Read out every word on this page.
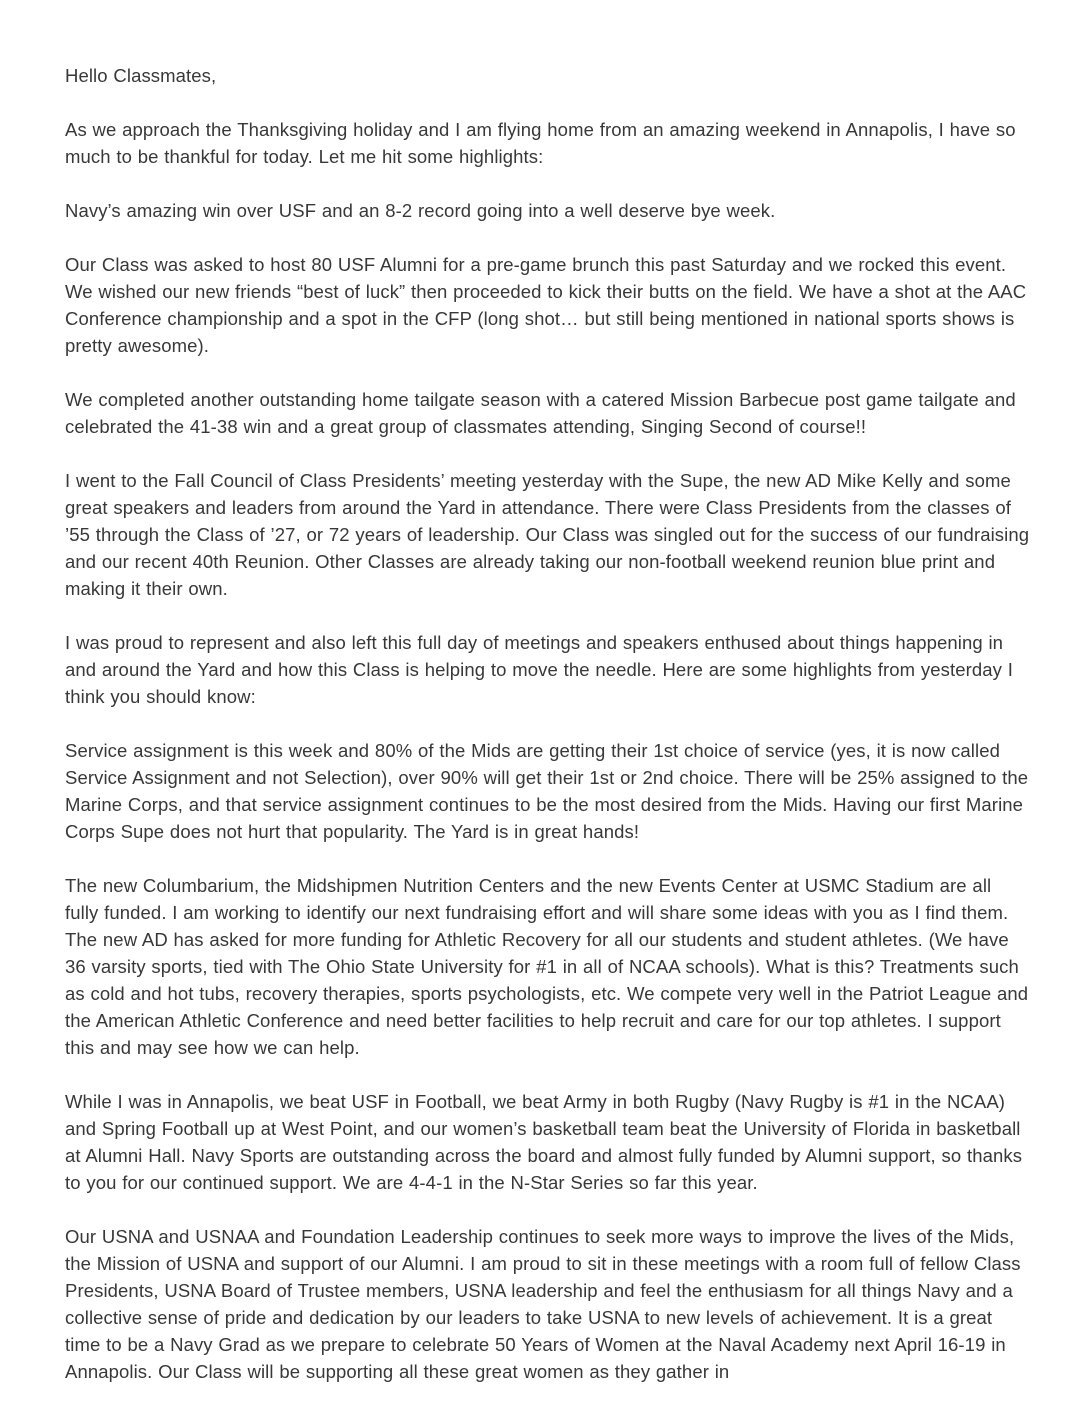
Hello Classmates,

As we approach the Thanksgiving holiday and I am flying home from an amazing weekend in Annapolis, I have so much to be thankful for today. Let me hit some highlights:

Navy’s amazing win over USF and an 8-2 record going into a well deserve bye week.

Our Class was asked to host 80 USF Alumni for a pre-game brunch this past Saturday and we rocked this event. We wished our new friends “best of luck” then proceeded to kick their butts on the field. We have a shot at the AAC Conference championship and a spot in the CFP (long shot… but still being mentioned in national sports shows is pretty awesome).

We completed another outstanding home tailgate season with a catered Mission Barbecue post game tailgate and celebrated the 41-38 win and a great group of classmates attending, Singing Second of course!!

I went to the Fall Council of Class Presidents’ meeting yesterday with the Supe, the new AD Mike Kelly and some great speakers and leaders from around the Yard in attendance. There were Class Presidents from the classes of ’55 through the Class of ’27, or 72 years of leadership. Our Class was singled out for the success of our fundraising and our recent 40th Reunion. Other Classes are already taking our non-football weekend reunion blue print and making it their own.

I was proud to represent and also left this full day of meetings and speakers enthused about things happening in and around the Yard and how this Class is helping to move the needle. Here are some highlights from yesterday I think you should know:

Service assignment is this week and 80% of the Mids are getting their 1st choice of service (yes, it is now called Service Assignment and not Selection), over 90% will get their 1st or 2nd choice. There will be 25% assigned to the Marine Corps, and that service assignment continues to be the most desired from the Mids. Having our first Marine Corps Supe does not hurt that popularity. The Yard is in great hands!

The new Columbarium, the Midshipmen Nutrition Centers and the new Events Center at USMC Stadium are all fully funded. I am working to identify our next fundraising effort and will share some ideas with you as I find them. The new AD has asked for more funding for Athletic Recovery for all our students and student athletes. (We have 36 varsity sports, tied with The Ohio State University for #1 in all of NCAA schools). What is this? Treatments such as cold and hot tubs, recovery therapies, sports psychologists, etc. We compete very well in the Patriot League and the American Athletic Conference and need better facilities to help recruit and care for our top athletes. I support this and may see how we can help.

While I was in Annapolis, we beat USF in Football, we beat Army in both Rugby (Navy Rugby is #1 in the NCAA) and Spring Football up at West Point, and our women’s basketball team beat the University of Florida in basketball at Alumni Hall. Navy Sports are outstanding across the board and almost fully funded by Alumni support, so thanks to you for our continued support. We are 4-4-1 in the N-Star Series so far this year.

Our USNA and USNAA and Foundation Leadership continues to seek more ways to improve the lives of the Mids, the Mission of USNA and support of our Alumni. I am proud to sit in these meetings with a room full of fellow Class Presidents, USNA Board of Trustee members, USNA leadership and feel the enthusiasm for all things Navy and a collective sense of pride and dedication by our leaders to take USNA to new levels of achievement. It is a great time to be a Navy Grad as we prepare to celebrate 50 Years of Women at the Naval Academy next April 16-19 in Annapolis. Our Class will be supporting all these great women as they gather in
